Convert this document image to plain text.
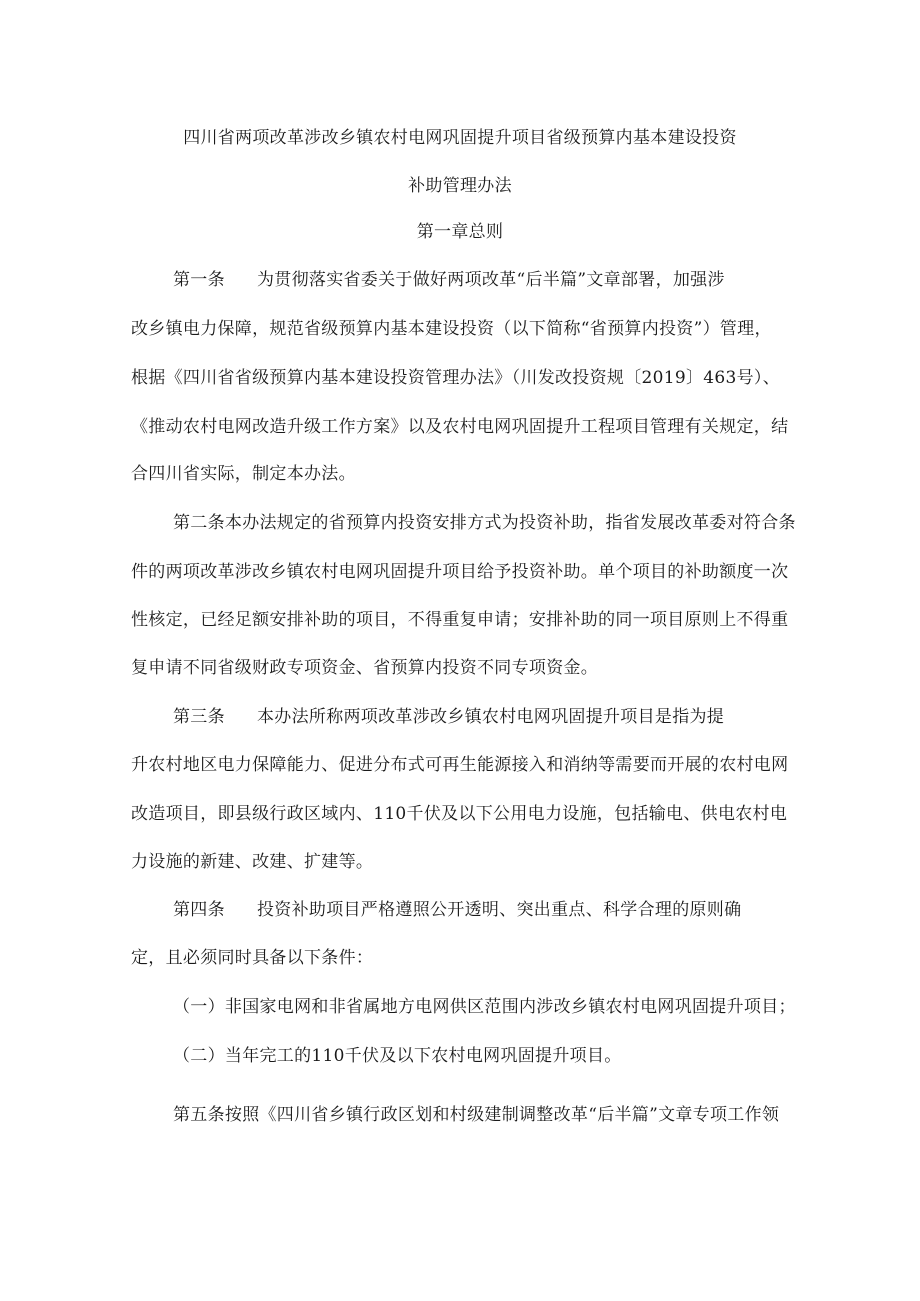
四川省两项改革涉改乡镇农村电网巩固提升项目省级预算内基本建设投资
补助管理办法
第一章总则
第一条 为贯彻落实省委关于做好两项改革“后半篇”文章部署，加强涉
改乡镇电力保障，规范省级预算内基本建设投资（以下简称“省预算内投资”）管理，
根据《四川省省级预算内基本建设投资管理办法》（川发改投资规〔2019〕463号）、
《推动农村电网改造升级工作方案》以及农村电网巩固提升工程项目管理有关规定，结
合四川省实际，制定本办法。
第二条本办法规定的省预算内投资安排方式为投资补助，指省发展改革委对符合条
件的两项改革涉改乡镇农村电网巩固提升项目给予投资补助。单个项目的补助额度一次
性核定，已经足额安排补助的项目，不得重复申请；安排补助的同一项目原则上不得重
复申请不同省级财政专项资金、省预算内投资不同专项资金。
第三条 本办法所称两项改革涉改乡镇农村电网巩固提升项目是指为提
升农村地区电力保障能力、促进分布式可再生能源接入和消纳等需要而开展的农村电网
改造项目，即县级行政区域内、110千伏及以下公用电力设施，包括输电、供电农村电
力设施的新建、改建、扩建等。
第四条 投资补助项目严格遵照公开透明、突出重点、科学合理的原则确
定，且必须同时具备以下条件：
（一）非国家电网和非省属地方电网供区范围内涉改乡镇农村电网巩固提升项目；
（二）当年完工的110千伏及以下农村电网巩固提升项目。
第五条按照《四川省乡镇行政区划和村级建制调整改革“后半篇”文章专项工作领
